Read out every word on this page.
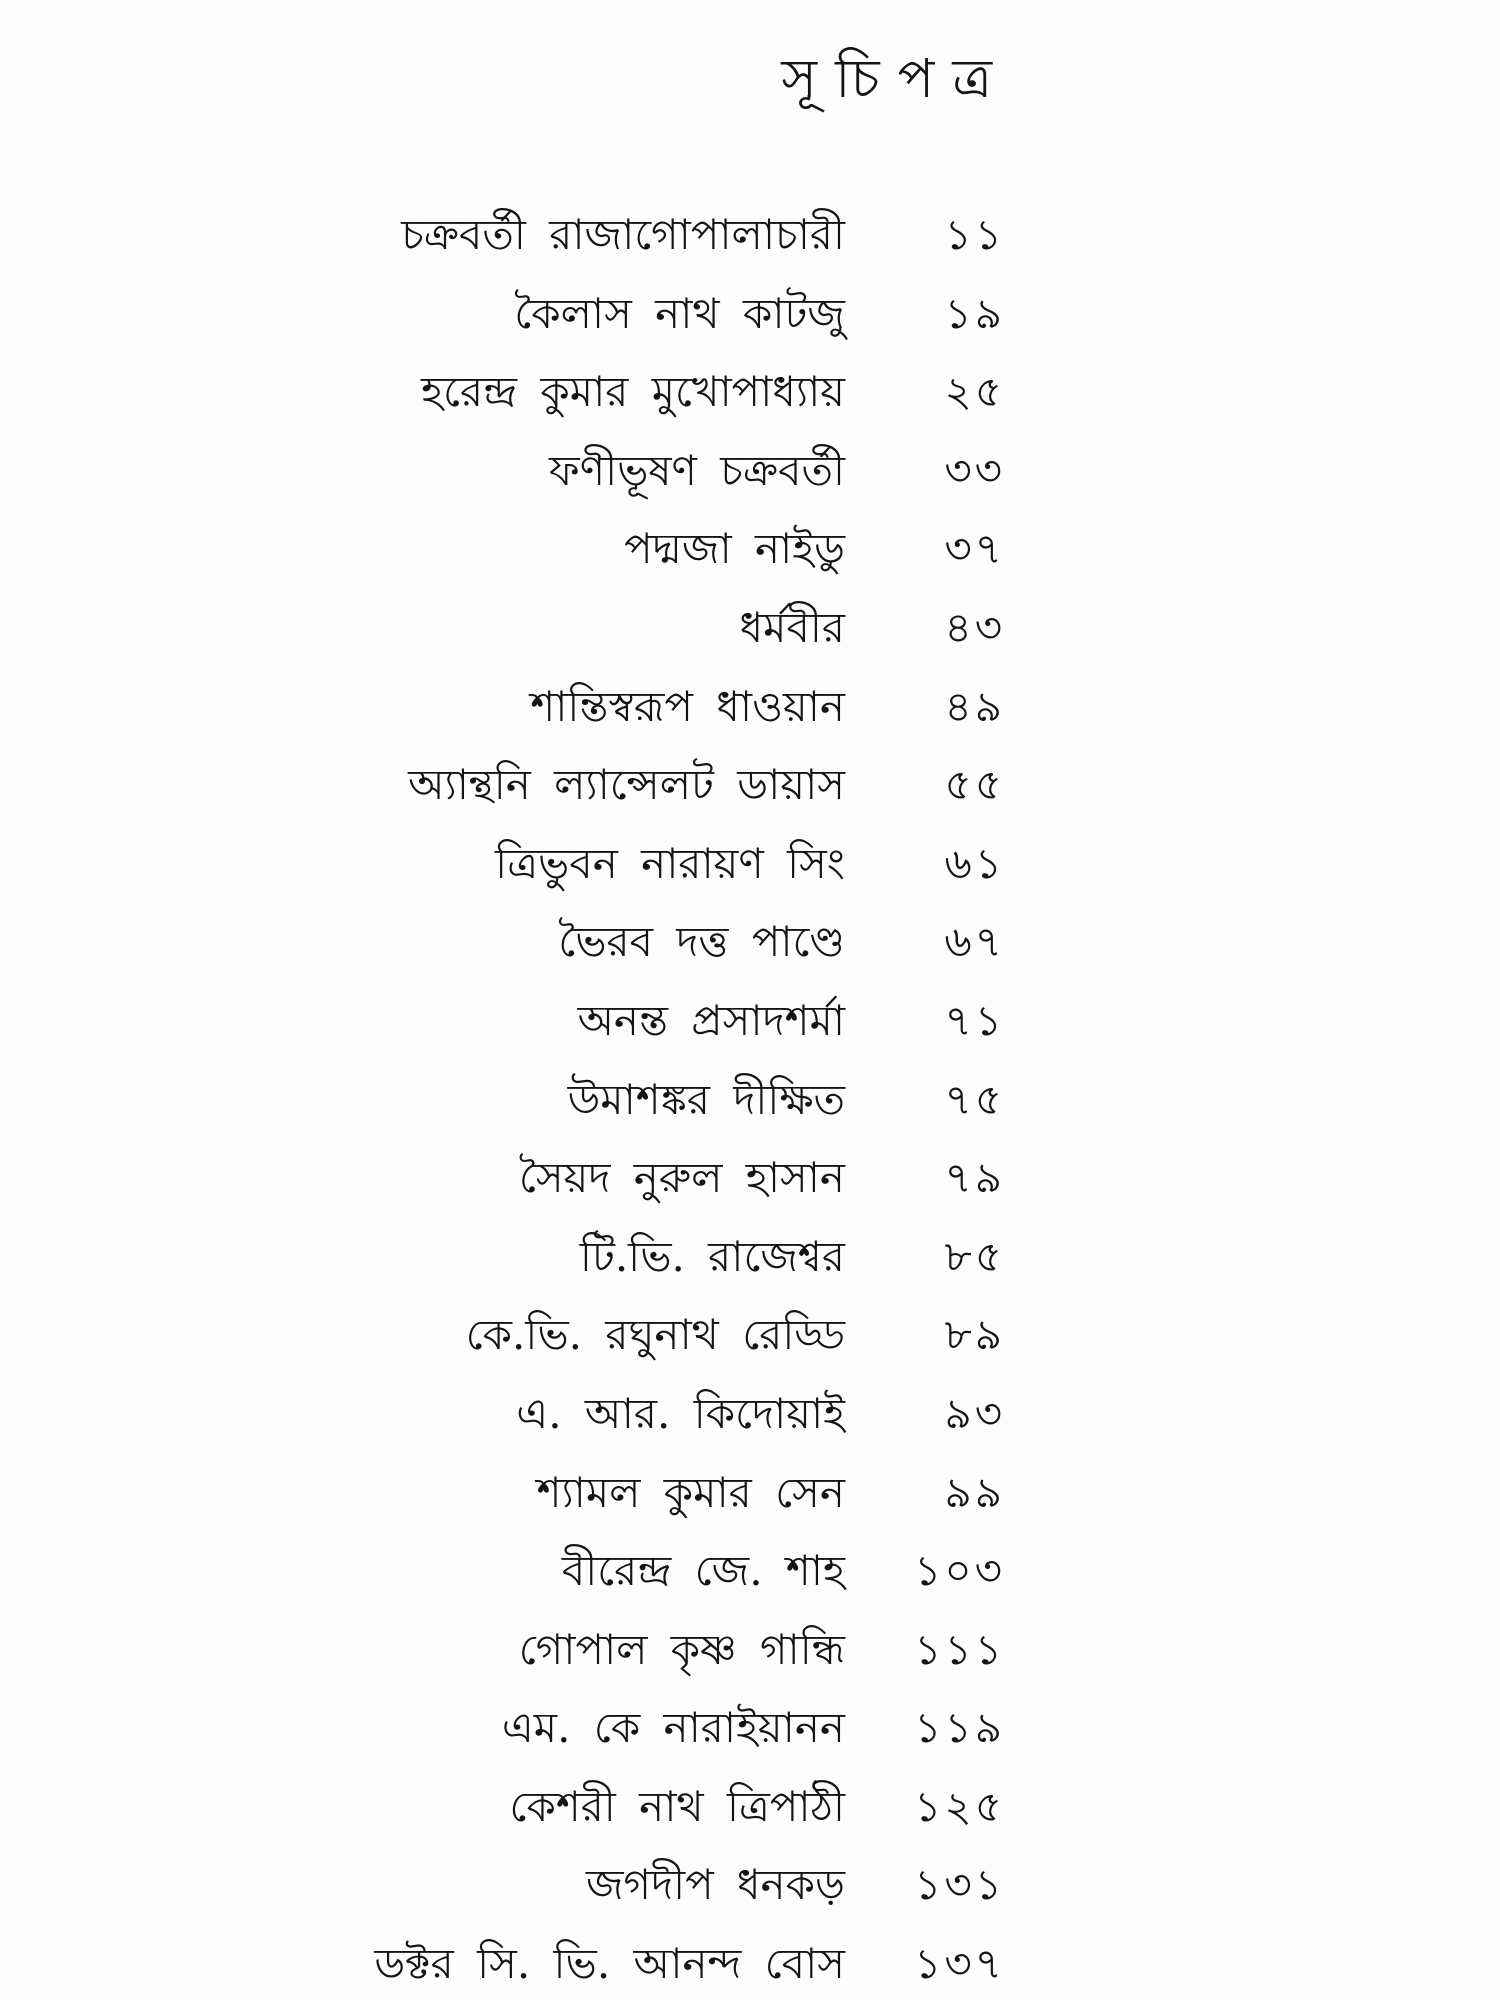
সূচিপত্র
চক্রবর্তী রাজাগোপালাচারী ১১
কৈলাস নাথ কাটজু ১৯
হরেন্দ্র কুমার মুখোপাধ্যায় ২৫
ফণীভূষণ চক্রবর্তী ৩৩
পদ্মজা নাইডু ৩৭
ধর্মবীর ৪৩
শান্তিস্বরূপ ধাওয়ান ৪৯
অ্যান্থনি ল্যান্সেলট ডায়াস ৫৫
ত্রিভুবন নারায়ণ সিং ৬১
ভৈরব দত্ত পাণ্ডে ৬৭
অনন্ত প্রসাদশর্মা ৭১
উমাশঙ্কর দীক্ষিত ৭৫
সৈয়দ নুরুল হাসান ৭৯
টি.ভি. রাজেশ্বর ৮৫
কে.ভি. রঘুনাথ রেড্ডি ৮৯
এ. আর. কিদোয়াই ৯৩
শ্যামল কুমার সেন ৯৯
বীরেন্দ্র জে. শাহ ১০৩
গোপাল কৃষ্ণ গান্ধি ১১১
এম. কে নারাইয়ানন ১১৯
কেশরী নাথ ত্রিপাঠী ১২৫
জগদীপ ধনকড় ১৩১
ডক্টর সি. ভি. আনন্দ বোস ১৩৭
